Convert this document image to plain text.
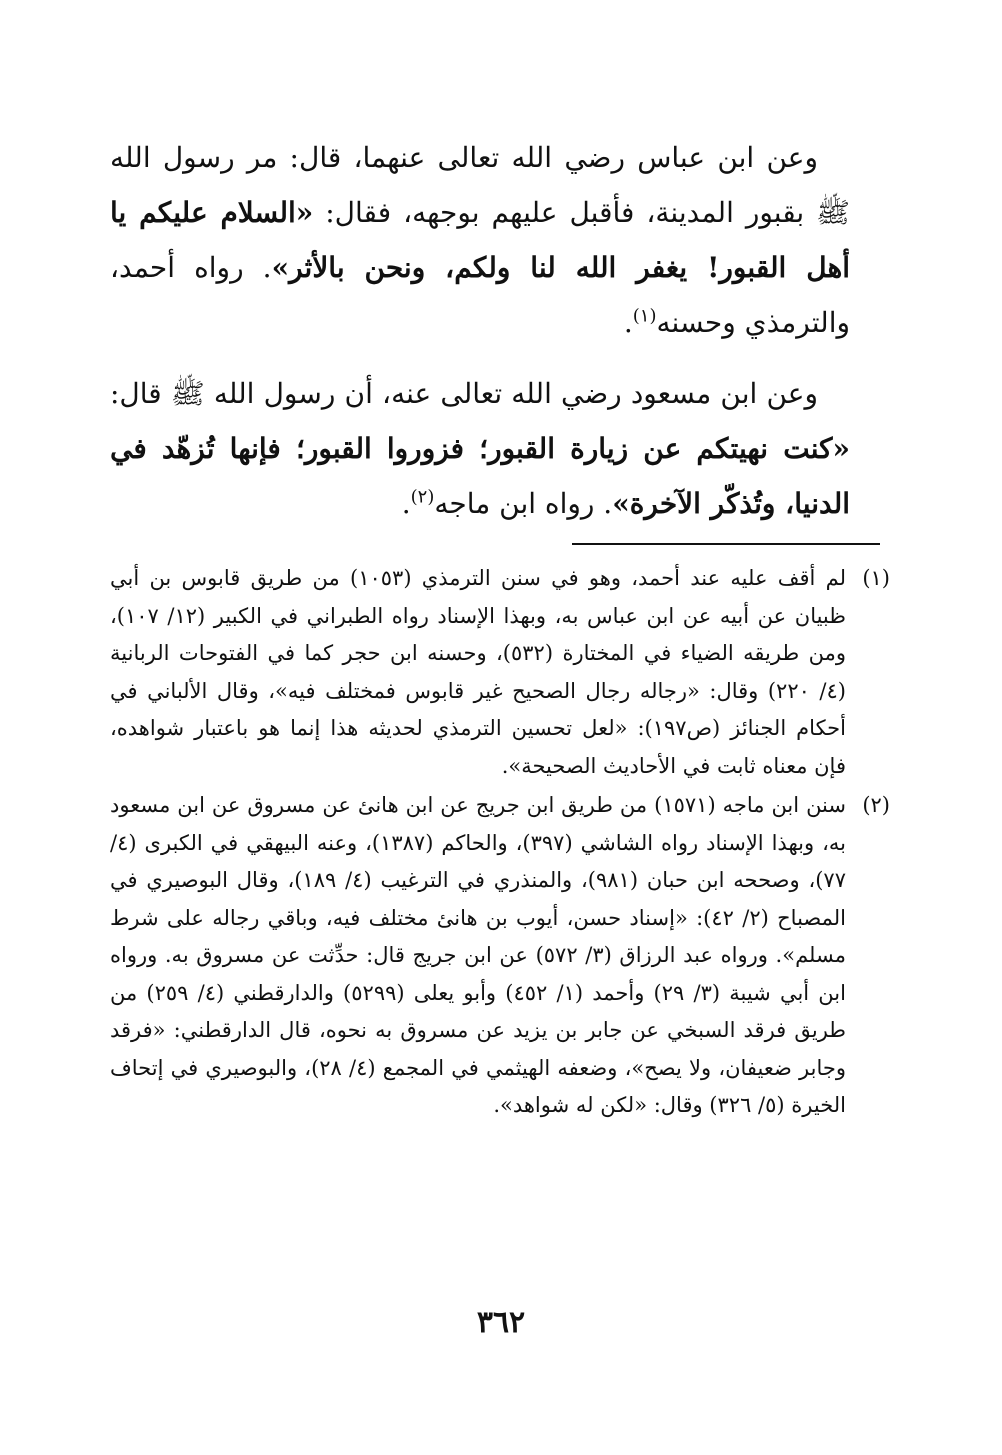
وعن ابن عباس رضي الله تعالى عنهما، قال: مر رسول الله ﷺ بقبور المدينة، فأقبل عليهم بوجهه، فقال: «السلام عليكم يا أهل القبور! يغفر الله لنا ولكم، ونحن بالأثر». رواه أحمد، والترمذي وحسنه$^{(١)}$.

وعن ابن مسعود رضي الله تعالى عنه، أن رسول الله ﷺ قال: «كنت نهيتكم عن زيارة القبور؛ فزوروا القبور؛ فإنها تُزهّد في الدنيا، وتُذكّر الآخرة». رواه ابن ماجه$^{(٢)}$.

(١)
لم أقف عليه عند أحمد، وهو في سنن الترمذي (١٠٥٣) من طريق قابوس بن أبي ظبيان عن أبيه عن ابن عباس به، وبهذا الإسناد رواه الطبراني في الكبير (١٢/ ١٠٧)، ومن طريقه الضياء في المختارة (٥٣٢)، وحسنه ابن حجر كما في الفتوحات الربانية (٤/ ٢٢٠) وقال: «رجاله رجال الصحيح غير قابوس فمختلف فيه»، وقال الألباني في أحكام الجنائز (ص١٩٧): «لعل تحسين الترمذي لحديثه هذا إنما هو باعتبار شواهده، فإن معناه ثابت في الأحاديث الصحيحة».
(٢)
سنن ابن ماجه (١٥٧١) من طريق ابن جريج عن ابن هانئ عن مسروق عن ابن مسعود به، وبهذا الإسناد رواه الشاشي (٣٩٧)، والحاكم (١٣٨٧)، وعنه البيهقي في الكبرى (٤/ ٧٧)، وصححه ابن حبان (٩٨١)، والمنذري في الترغيب (٤/ ١٨٩)، وقال البوصيري في المصباح (٢/ ٤٢): «إسناد حسن، أيوب بن هانئ مختلف فيه، وباقي رجاله على شرط مسلم». ورواه عبد الرزاق (٣/ ٥٧٢) عن ابن جريج قال: حدِّثت عن مسروق به. ورواه ابن أبي شيبة (٣/ ٢٩) وأحمد (١/ ٤٥٢) وأبو يعلى (٥٢٩٩) والدارقطني (٤/ ٢٥٩) من طريق فرقد السبخي عن جابر بن يزيد عن مسروق به نحوه، قال الدارقطني: «فرقد وجابر ضعيفان، ولا يصح»، وضعفه الهيثمي في المجمع (٤/ ٢٨)، والبوصيري في إتحاف الخيرة (٥/ ٣٢٦) وقال: «لكن له شواهد».
٣٦٢
